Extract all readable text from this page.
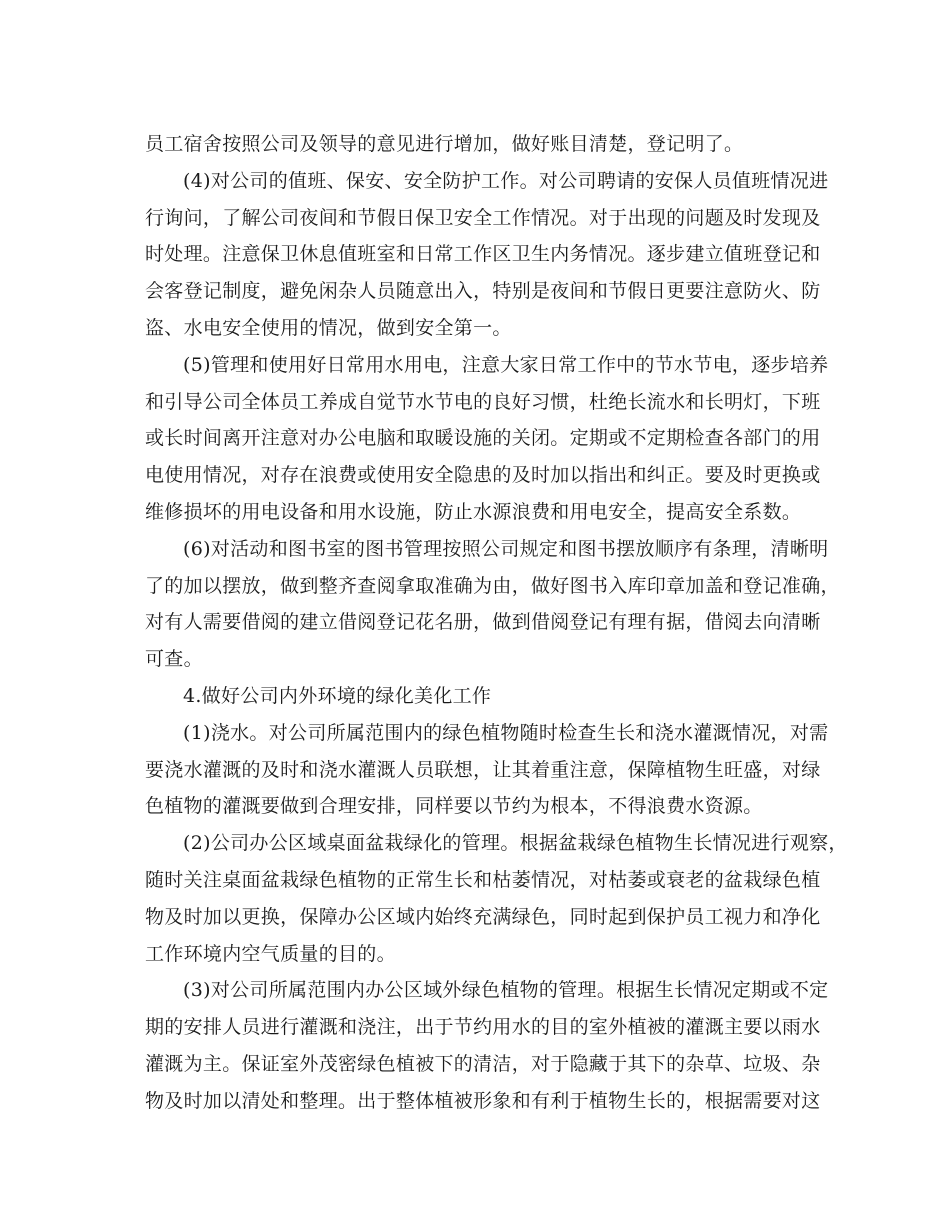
员工宿舍按照公司及领导的意见进行增加，做好账目清楚，登记明了。

(4)对公司的值班、保安、安全防护工作。对公司聘请的安保人员值班情况进
行询问，了解公司夜间和节假日保卫安全工作情况。对于出现的问题及时发现及
时处理。注意保卫休息值班室和日常工作区卫生内务情况。逐步建立值班登记和
会客登记制度，避免闲杂人员随意出入，特别是夜间和节假日更要注意防火、防
盗、水电安全使用的情况，做到安全第一。

(5)管理和使用好日常用水用电，注意大家日常工作中的节水节电，逐步培养
和引导公司全体员工养成自觉节水节电的良好习惯，杜绝长流水和长明灯，下班
或长时间离开注意对办公电脑和取暖设施的关闭。定期或不定期检查各部门的用
电使用情况，对存在浪费或使用安全隐患的及时加以指出和纠正。要及时更换或
维修损坏的用电设备和用水设施，防止水源浪费和用电安全，提高安全系数。

(6)对活动和图书室的图书管理按照公司规定和图书摆放顺序有条理，清晰明
了的加以摆放，做到整齐查阅拿取准确为由，做好图书入库印章加盖和登记准确，
对有人需要借阅的建立借阅登记花名册，做到借阅登记有理有据，借阅去向清晰
可查。

4.做好公司内外环境的绿化美化工作

(1)浇水。对公司所属范围内的绿色植物随时检查生长和浇水灌溉情况，对需
要浇水灌溉的及时和浇水灌溉人员联想，让其着重注意，保障植物生旺盛，对绿
色植物的灌溉要做到合理安排，同样要以节约为根本，不得浪费水资源。

(2)公司办公区域桌面盆栽绿化的管理。根据盆栽绿色植物生长情况进行观察，
随时关注桌面盆栽绿色植物的正常生长和枯萎情况，对枯萎或衰老的盆栽绿色植
物及时加以更换，保障办公区域内始终充满绿色，同时起到保护员工视力和净化
工作环境内空气质量的目的。

(3)对公司所属范围内办公区域外绿色植物的管理。根据生长情况定期或不定
期的安排人员进行灌溉和浇注，出于节约用水的目的室外植被的灌溉主要以雨水
灌溉为主。保证室外茂密绿色植被下的清洁，对于隐藏于其下的杂草、垃圾、杂
物及时加以清处和整理。出于整体植被形象和有利于植物生长的，根据需要对这
